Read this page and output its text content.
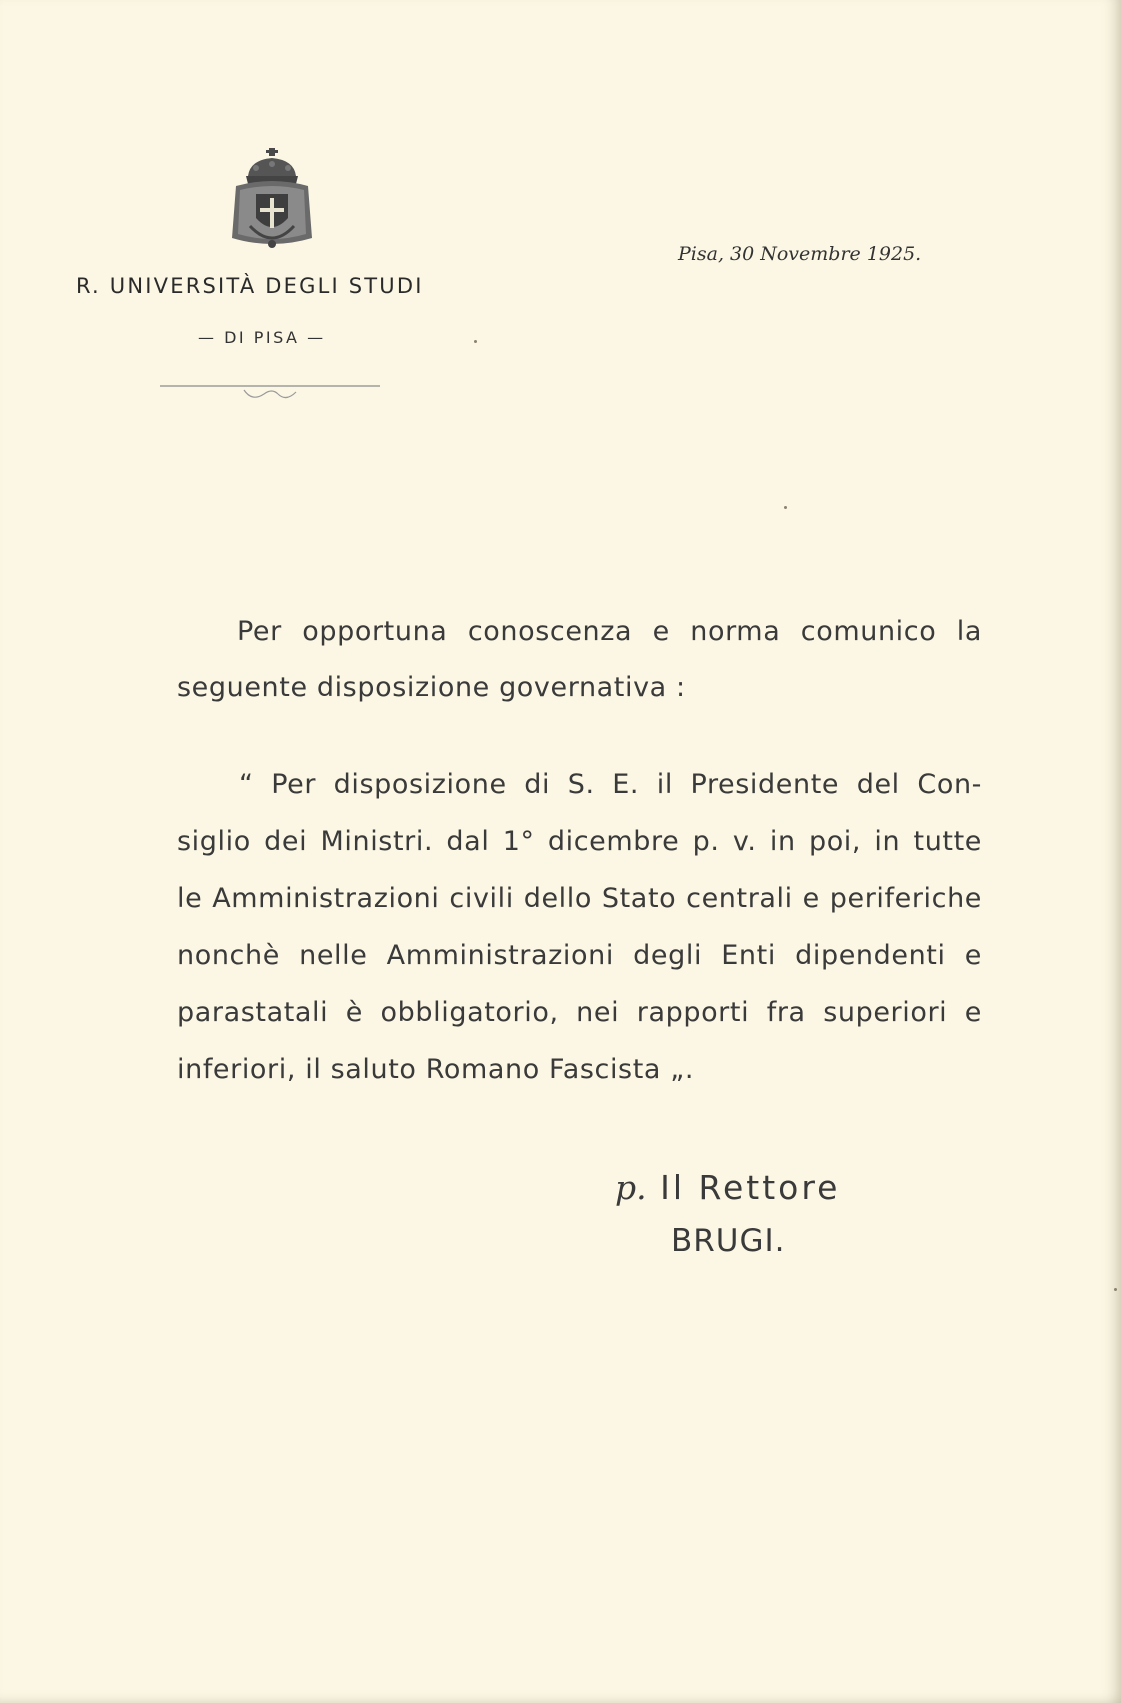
R. UNIVERSITÀ DEGLI STUDI
— DI PISA —
Pisa, 30 Novembre 1925.
Per opportuna conoscenza e norma comunico la
seguente disposizione governativa :
“ Per disposizione di S. E. il Presidente del Con-
siglio dei Ministri. dal 1° dicembre p. v. in poi, in tutte
le Amministrazioni civili dello Stato centrali e periferiche
nonchè nelle Amministrazioni degli Enti dipendenti e
parastatali è obbligatorio, nei rapporti fra superiori e
inferiori, il saluto Romano Fascista „.
p. Il Rettore
BRUGI.
